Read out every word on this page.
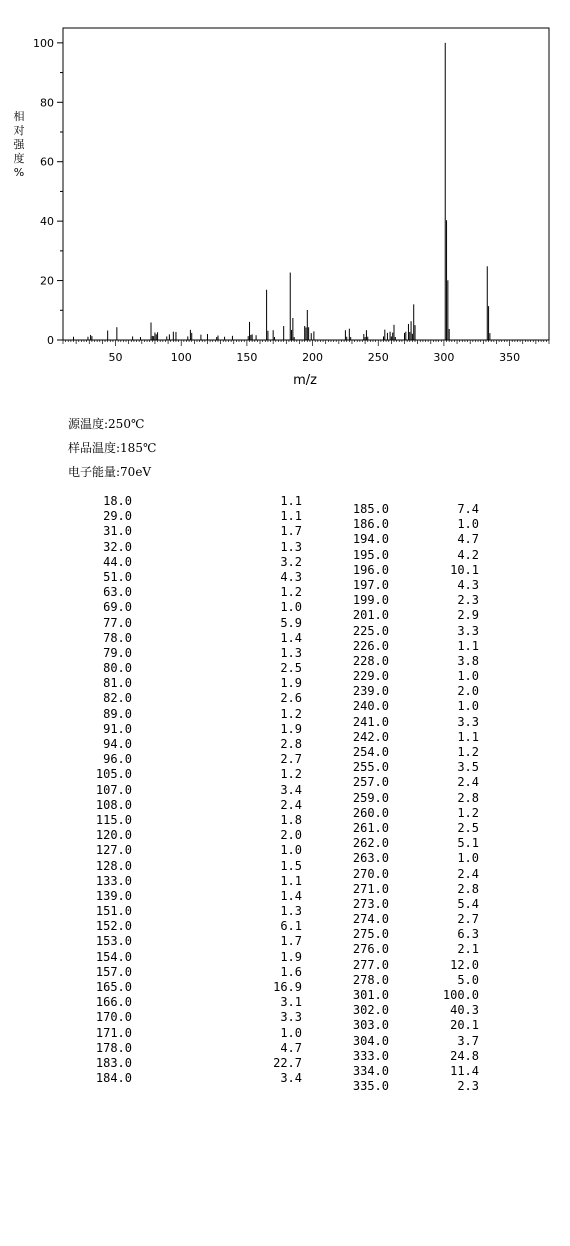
相
对
强
度
%
0
20
40
60
80
100
50	100	150	200	250	300	350
m/z
源温度:250℃
样品温度:185℃
电子能量:70eV
18.0	1.1
29.0	1.1
31.0	1.7
32.0	1.3
44.0	3.2
51.0	4.3
63.0	1.2
69.0	1.0
77.0	5.9
78.0	1.4
79.0	1.3
80.0	2.5
81.0	1.9
82.0	2.6
89.0	1.2
91.0	1.9
94.0	2.8
96.0	2.7
105.0	1.2
107.0	3.4
108.0	2.4
115.0	1.8
120.0	2.0
127.0	1.0
128.0	1.5
133.0	1.1
139.0	1.4
151.0	1.3
152.0	6.1
153.0	1.7
154.0	1.9
157.0	1.6
165.0	16.9
166.0	3.1
170.0	3.3
171.0	1.0
178.0	4.7
183.0	22.7
184.0	3.4
185.0	7.4
186.0	1.0
194.0	4.7
195.0	4.2
196.0	10.1
197.0	4.3
199.0	2.3
201.0	2.9
225.0	3.3
226.0	1.1
228.0	3.8
229.0	1.0
239.0	2.0
240.0	1.0
241.0	3.3
242.0	1.1
254.0	1.2
255.0	3.5
257.0	2.4
259.0	2.8
260.0	1.2
261.0	2.5
262.0	5.1
263.0	1.0
270.0	2.4
271.0	2.8
273.0	5.4
274.0	2.7
275.0	6.3
276.0	2.1
277.0	12.0
278.0	5.0
301.0	100.0
302.0	40.3
303.0	20.1
304.0	3.7
333.0	24.8
334.0	11.4
335.0	2.3
